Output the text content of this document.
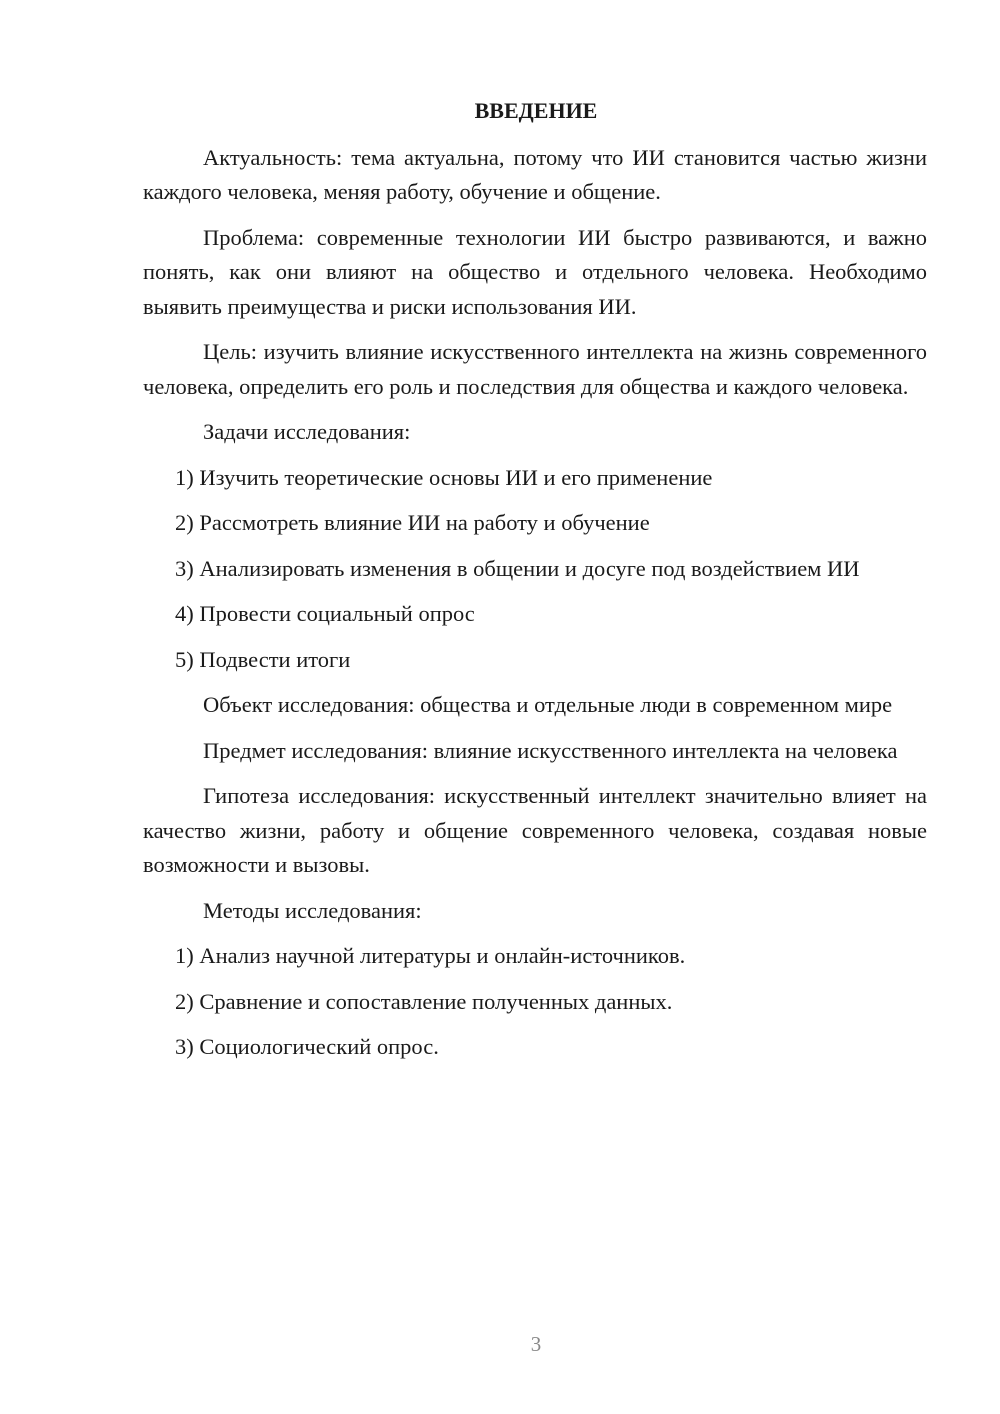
ВВЕДЕНИЕ

Актуальность: тема актуальна, потому что ИИ становится частью жизни каждого человека, меняя работу, обучение и общение.

Проблема: современные технологии ИИ быстро развиваются, и важно понять, как они влияют на общество и отдельного человека. Необходимо выявить преимущества и риски использования ИИ.

Цель: изучить влияние искусственного интеллекта на жизнь современного человека, определить его роль и последствия для общества и каждого человека.

Задачи исследования:

1) Изучить теоретические основы ИИ и его применение

2) Рассмотреть влияние ИИ на работу и обучение

3) Анализировать изменения в общении и досуге под воздействием ИИ

4) Провести социальный опрос

5) Подвести итоги

Объект исследования: общества и отдельные люди в современном мире

Предмет исследования: влияние искусственного интеллекта на человека

Гипотеза исследования: искусственный интеллект значительно влияет на качество жизни, работу и общение современного человека, создавая новые возможности и вызовы.

Методы исследования:

1) Анализ научной литературы и онлайн-источников.

2) Сравнение и сопоставление полученных данных.

3) Социологический опрос.

3
